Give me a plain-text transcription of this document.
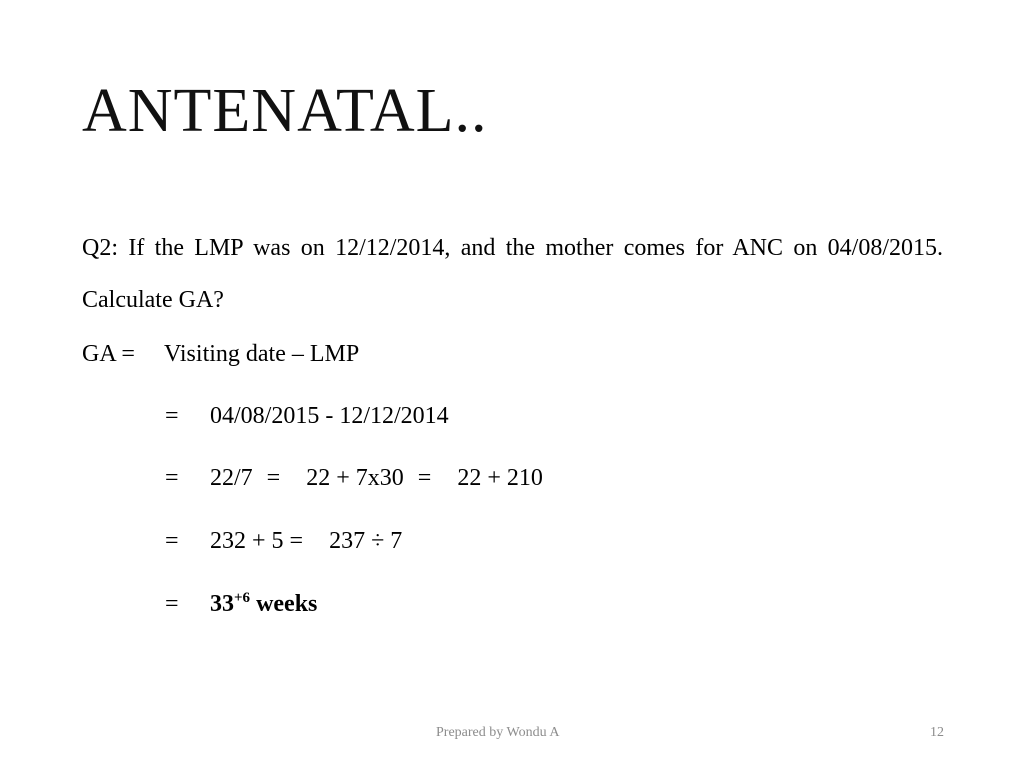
ANTENATAL..

Q2: If the LMP was on 12/12/2014, and the mother comes for ANC on 04/08/2015. Calculate GA?

GA = Visiting date – LMP
= 04/08/2015 - 12/12/2014
= 22/7 = 22 + 7x30 = 22 + 210
= 232 + 5 = 237 ÷ 7
= $33^{+6}$ weeks
Prepared by Wondu A	12
